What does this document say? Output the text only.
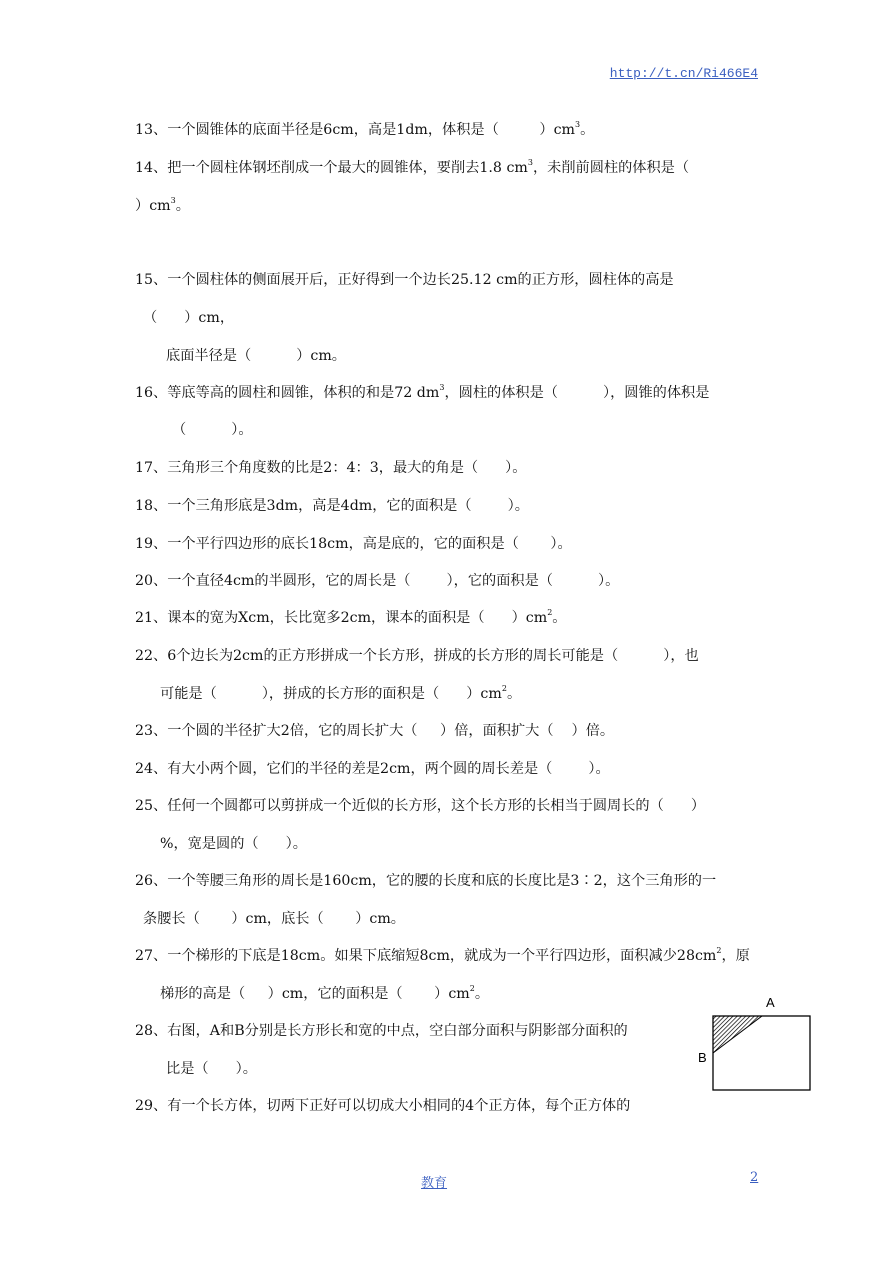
http://t.cn/Ri466E4
13、一个圆锥体的底面半径是6cm，高是1dm，体积是（         ）$cm^3$。
14、把一个圆柱体钢坯削成一个最大的圆锥体，要削去1.8 $cm^3$，未削前圆柱的体积是（
）$cm^3$。
15、一个圆柱体的侧面展开后，正好得到一个边长25.12 cm的正方形，圆柱体的高是
（      ）cm，
底面半径是（          ）cm。
16、等底等高的圆柱和圆锥，体积的和是72 $dm^3$，圆柱的体积是（          ），圆锥的体积是
（          ）。
17、三角形三个角度数的比是2：4：3，最大的角是（      ）。
18、一个三角形底是3dm，高是4dm，它的面积是（        ）。
19、一个平行四边形的底长18cm，高是底的，它的面积是（       ）。
20、一个直径4cm的半圆形，它的周长是（        ），它的面积是（          ）。
21、课本的宽为Xcm，长比宽多2cm，课本的面积是（      ）$cm^2$。
22、6个边长为2cm的正方形拼成一个长方形，拼成的长方形的周长可能是（          ），也
可能是（          ），拼成的长方形的面积是（      ）$cm^2$。
23、一个圆的半径扩大2倍，它的周长扩大（     ）倍，面积扩大（    ）倍。
24、有大小两个圆，它们的半径的差是2cm，两个圆的周长差是（        ）。
25、任何一个圆都可以剪拼成一个近似的长方形，这个长方形的长相当于圆周长的（      ）
%，宽是圆的（      ）。
26、一个等腰三角形的周长是160cm，它的腰的长度和底的长度比是3∶2，这个三角形的一
条腰长（       ）cm，底长（       ）cm。
27、一个梯形的下底是18cm。如果下底缩短8cm，就成为一个平行四边形，面积减少$28cm^2$，原
梯形的高是（     ）cm，它的面积是（       ）$cm^2$。
28、右图，A和B分别是长方形长和宽的中点，空白部分面积与阴影部分面积的
比是（      ）。
29、有一个长方体，切两下正好可以切成大小相同的4个正方体，每个正方体的
A
B
教育	2
